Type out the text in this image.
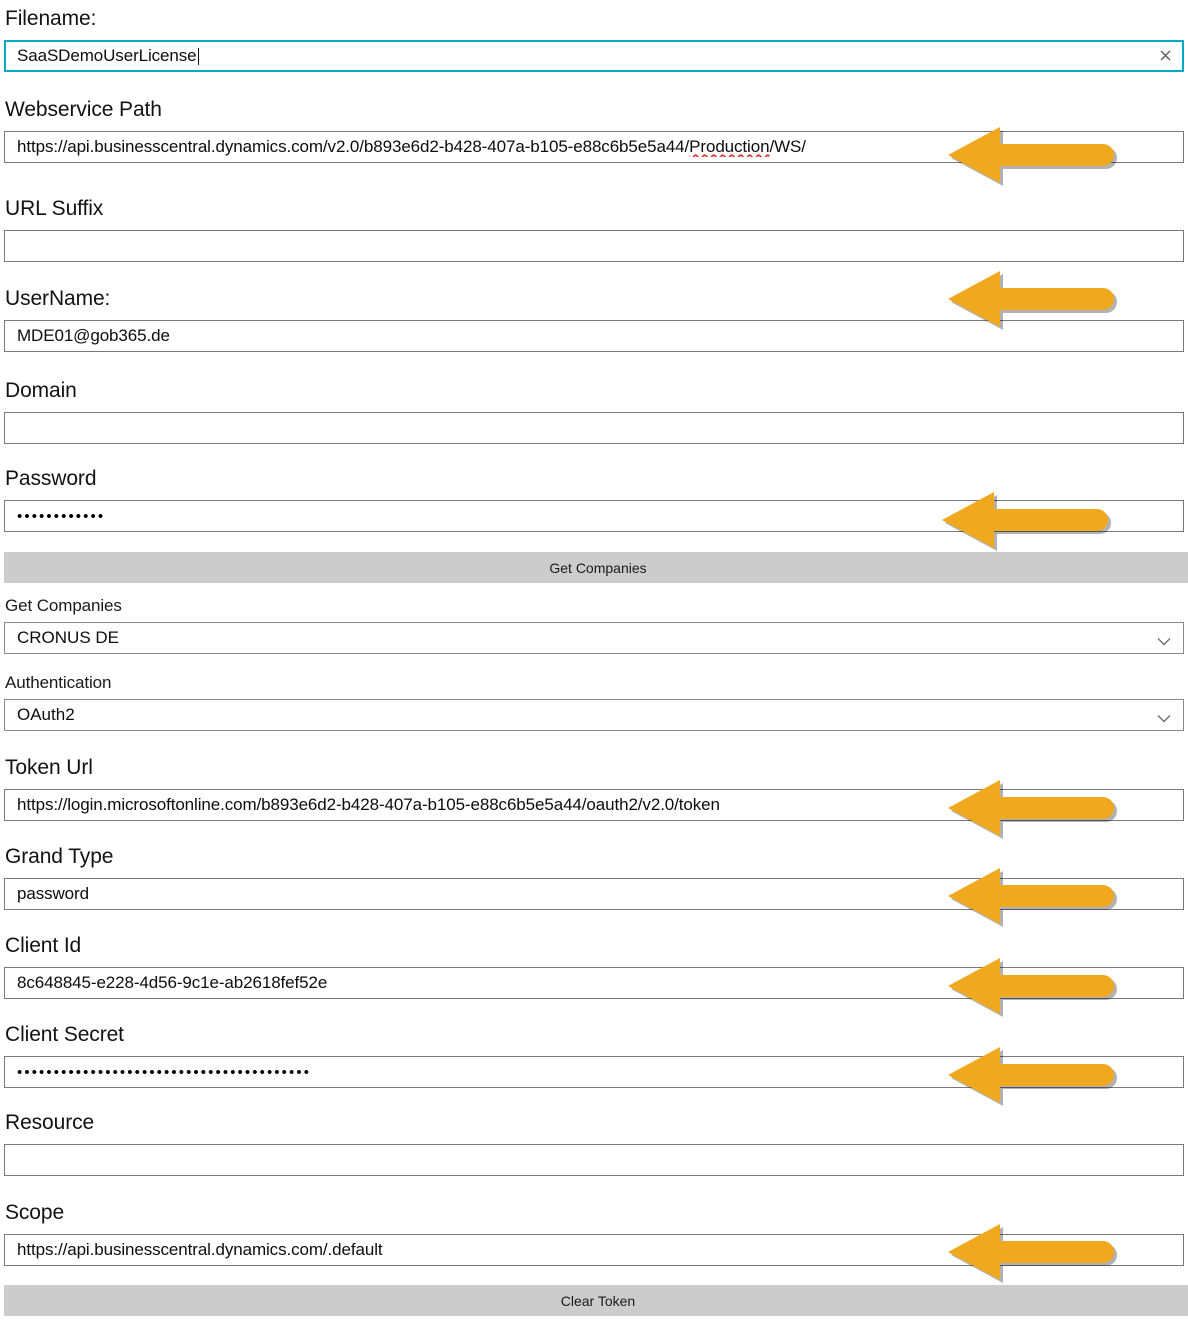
Filename:
SaaSDemoUserLicense
Webservice Path
https://api.businesscentral.dynamics.com/v2.0/b893e6d2-b428-407a-b105-e88c6b5e5a44/Production/WS/
URL Suffix
UserName:
MDE01@gob365.de
Domain
Password
••••••••••••
Get Companies
Get Companies
CRONUS DE
Authentication
OAuth2
Token Url
https://login.microsoftonline.com/b893e6d2-b428-407a-b105-e88c6b5e5a44/oauth2/v2.0/token
Grand Type
password
Client Id
8c648845-e228-4d56-9c1e-ab2618fef52e
Client Secret
••••••••••••••••••••••••••••••••••••••••
Resource
Scope
https://api.businesscentral.dynamics.com/.default
Clear Token
